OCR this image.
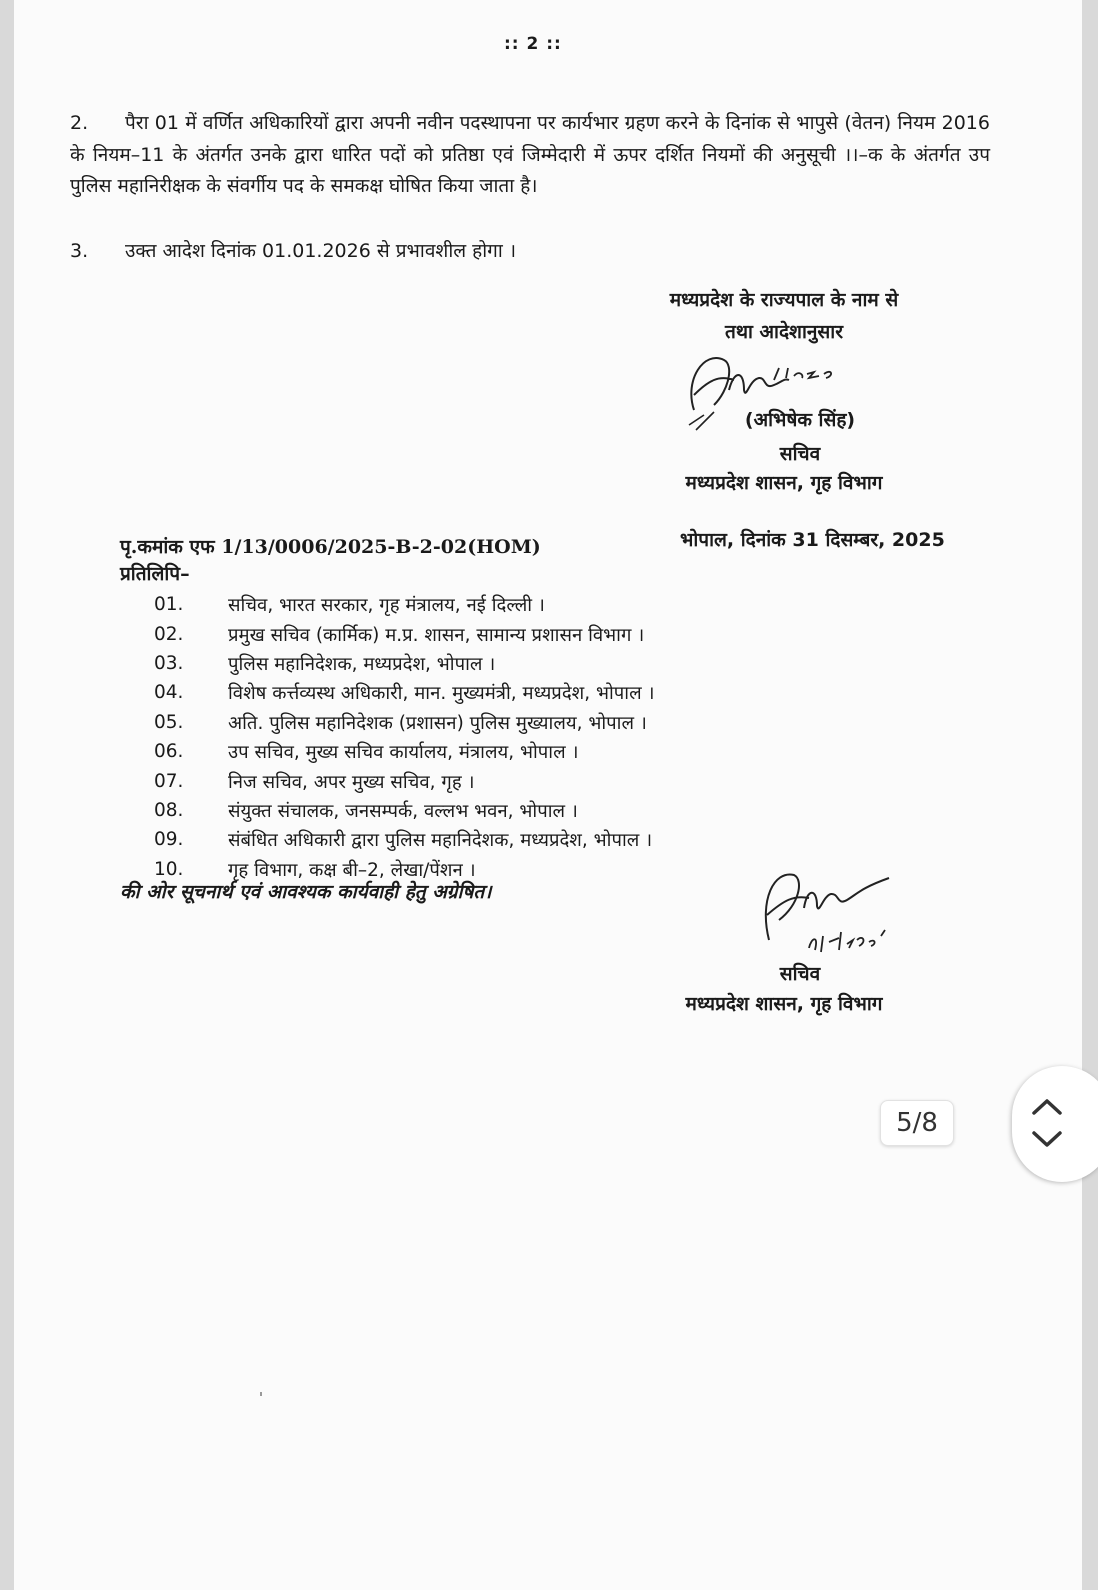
:: 2 ::
2. पैरा 01 में वर्णित अधिकारियों द्वारा अपनी नवीन पदस्थापना पर कार्यभार ग्रहण करने के दिनांक से भापुसे (वेतन) नियम 2016 के नियम–11 के अंतर्गत उनके द्वारा धारित पदों को प्रतिष्ठा एवं जिम्मेदारी में ऊपर दर्शित नियमों की अनुसूची ।।–क के अंतर्गत उप पुलिस महानिरीक्षक के संवर्गीय पद के समकक्ष घोषित किया जाता है।
3. उक्त आदेश दिनांक 01.01.2026 से प्रभावशील होगा ।
मध्यप्रदेश के राज्यपाल के नाम से
तथा आदेशानुसार
(अभिषेक सिंह)
सचिव
मध्यप्रदेश शासन, गृह विभाग
पृ.कमांक एफ 1/13/0006/2025-B-2-02(HOM)	भोपाल, दिनांक 31 दिसम्बर, 2025
प्रतिलिपि–
01.	सचिव, भारत सरकार, गृह मंत्रालय, नई दिल्ली ।
02.	प्रमुख सचिव (कार्मिक) म.प्र. शासन, सामान्य प्रशासन विभाग ।
03.	पुलिस महानिदेशक, मध्यप्रदेश, भोपाल ।
04.	विशेष कर्त्तव्यस्थ अधिकारी, मान. मुख्यमंत्री, मध्यप्रदेश, भोपाल ।
05.	अति. पुलिस महानिदेशक (प्रशासन) पुलिस मुख्यालय, भोपाल ।
06.	उप सचिव, मुख्य सचिव कार्यालय, मंत्रालय, भोपाल ।
07.	निज सचिव, अपर मुख्य सचिव, गृह ।
08.	संयुक्त संचालक, जनसम्पर्क, वल्लभ भवन, भोपाल ।
09.	संबंधित अधिकारी द्वारा पुलिस महानिदेशक, मध्यप्रदेश, भोपाल ।
10.	गृह विभाग, कक्ष बी–2, लेखा/पेंशन ।
की ओर सूचनार्थ एवं आवश्यक कार्यवाही हेतु अग्रेषित।
सचिव
मध्यप्रदेश शासन, गृह विभाग
5/8
